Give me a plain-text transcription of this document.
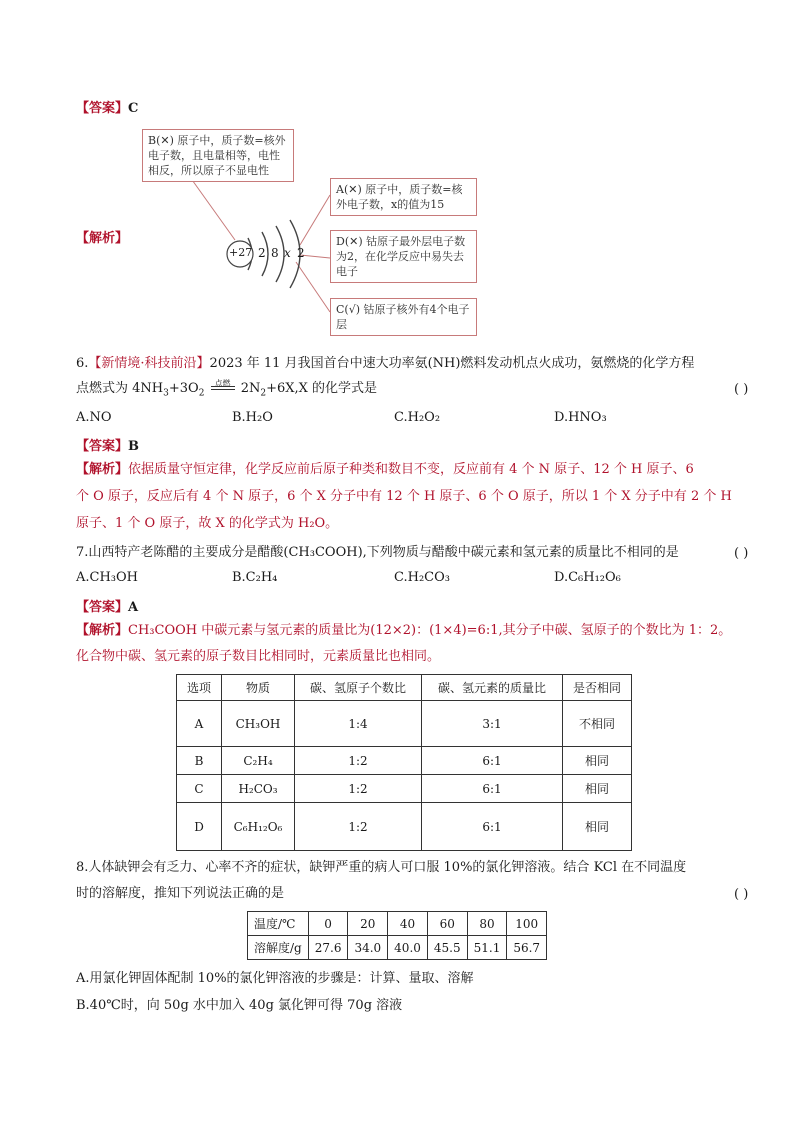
【答案】C
+27 2 8 x 2
B(✕) 原子中，质子数=核外电子数，且电量相等，电性相反，所以原子不显电性
A(✕) 原子中，质子数=核外电子数，x的值为15
D(✕) 钴原子最外层电子数为2，在化学反应中易失去电子
C(√) 钴原子核外有4个电子层
【解析】
6.【新情境·科技前沿】2023 年 11 月我国首台中速大功率氨(NH)燃料发动机点火成功，氨燃烧的化学方程
点燃式为 $4NH_3+3O_2$ 点燃
$2N_2+6X,X$ 的化学式是	( )
A.NO	B.H₂O	C.H₂O₂	D.HNO₃
【答案】B
【解析】依据质量守恒定律，化学反应前后原子种类和数目不变，反应前有 4 个 N 原子、12 个 H 原子、6
个 O 原子，反应后有 4 个 N 原子，6 个 X 分子中有 12 个 H 原子、6 个 O 原子，所以 1 个 X 分子中有 2 个 H
原子、1 个 O 原子，故 X 的化学式为 H₂O。
7.山西特产老陈醋的主要成分是醋酸(CH₃COOH),下列物质与醋酸中碳元素和氢元素的质量比不相同的是	( )
A.CH₃OH	B.C₂H₄	C.H₂CO₃	D.C₆H₁₂O₆
【答案】A
【解析】CH₃COOH 中碳元素与氢元素的质量比为(12×2)：(1×4)=6:1,其分子中碳、氢原子的个数比为 1：2。
化合物中碳、氢元素的原子数目比相同时，元素质量比也相同。
选项	物质	碳、氢原子个数比	碳、氢元素的质量比	是否相同
A	CH₃OH	1:4	3:1	不相同
B	C₂H₄	1:2	6:1	相同
C	H₂CO₃	1:2	6:1	相同
D	C₆H₁₂O₆	1:2	6:1	相同
8.人体缺钾会有乏力、心率不齐的症状，缺钾严重的病人可口服 10%的氯化钾溶液。结合 KCl 在不同温度
时的溶解度，推知下列说法正确的是	( )
温度/℃	0	20	40	60	80	100
溶解度/g	27.6	34.0	40.0	45.5	51.1	56.7
A.用氯化钾固体配制 10%的氯化钾溶液的步骤是：计算、量取、溶解
B.40℃时，向 50g 水中加入 40g 氯化钾可得 70g 溶液
